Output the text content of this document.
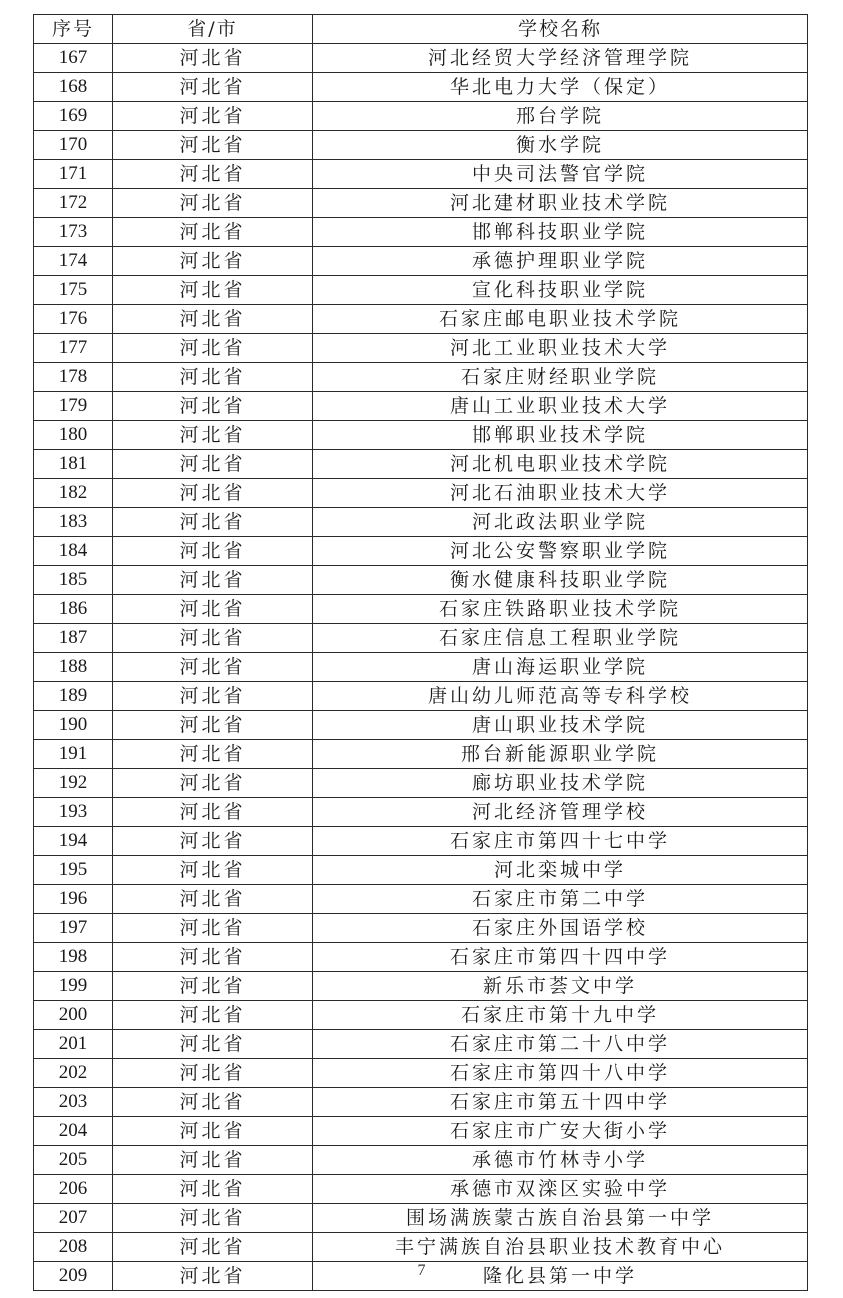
序号	省/市	学校名称
167	河北省	河北经贸大学经济管理学院
168	河北省	华北电力大学（保定）
169	河北省	邢台学院
170	河北省	衡水学院
171	河北省	中央司法警官学院
172	河北省	河北建材职业技术学院
173	河北省	邯郸科技职业学院
174	河北省	承德护理职业学院
175	河北省	宣化科技职业学院
176	河北省	石家庄邮电职业技术学院
177	河北省	河北工业职业技术大学
178	河北省	石家庄财经职业学院
179	河北省	唐山工业职业技术大学
180	河北省	邯郸职业技术学院
181	河北省	河北机电职业技术学院
182	河北省	河北石油职业技术大学
183	河北省	河北政法职业学院
184	河北省	河北公安警察职业学院
185	河北省	衡水健康科技职业学院
186	河北省	石家庄铁路职业技术学院
187	河北省	石家庄信息工程职业学院
188	河北省	唐山海运职业学院
189	河北省	唐山幼儿师范高等专科学校
190	河北省	唐山职业技术学院
191	河北省	邢台新能源职业学院
192	河北省	廊坊职业技术学院
193	河北省	河北经济管理学校
194	河北省	石家庄市第四十七中学
195	河北省	河北栾城中学
196	河北省	石家庄市第二中学
197	河北省	石家庄外国语学校
198	河北省	石家庄市第四十四中学
199	河北省	新乐市荟文中学
200	河北省	石家庄市第十九中学
201	河北省	石家庄市第二十八中学
202	河北省	石家庄市第四十八中学
203	河北省	石家庄市第五十四中学
204	河北省	石家庄市广安大街小学
205	河北省	承德市竹林寺小学
206	河北省	承德市双滦区实验中学
207	河北省	围场满族蒙古族自治县第一中学
208	河北省	丰宁满族自治县职业技术教育中心
209	河北省	隆化县第一中学
7
